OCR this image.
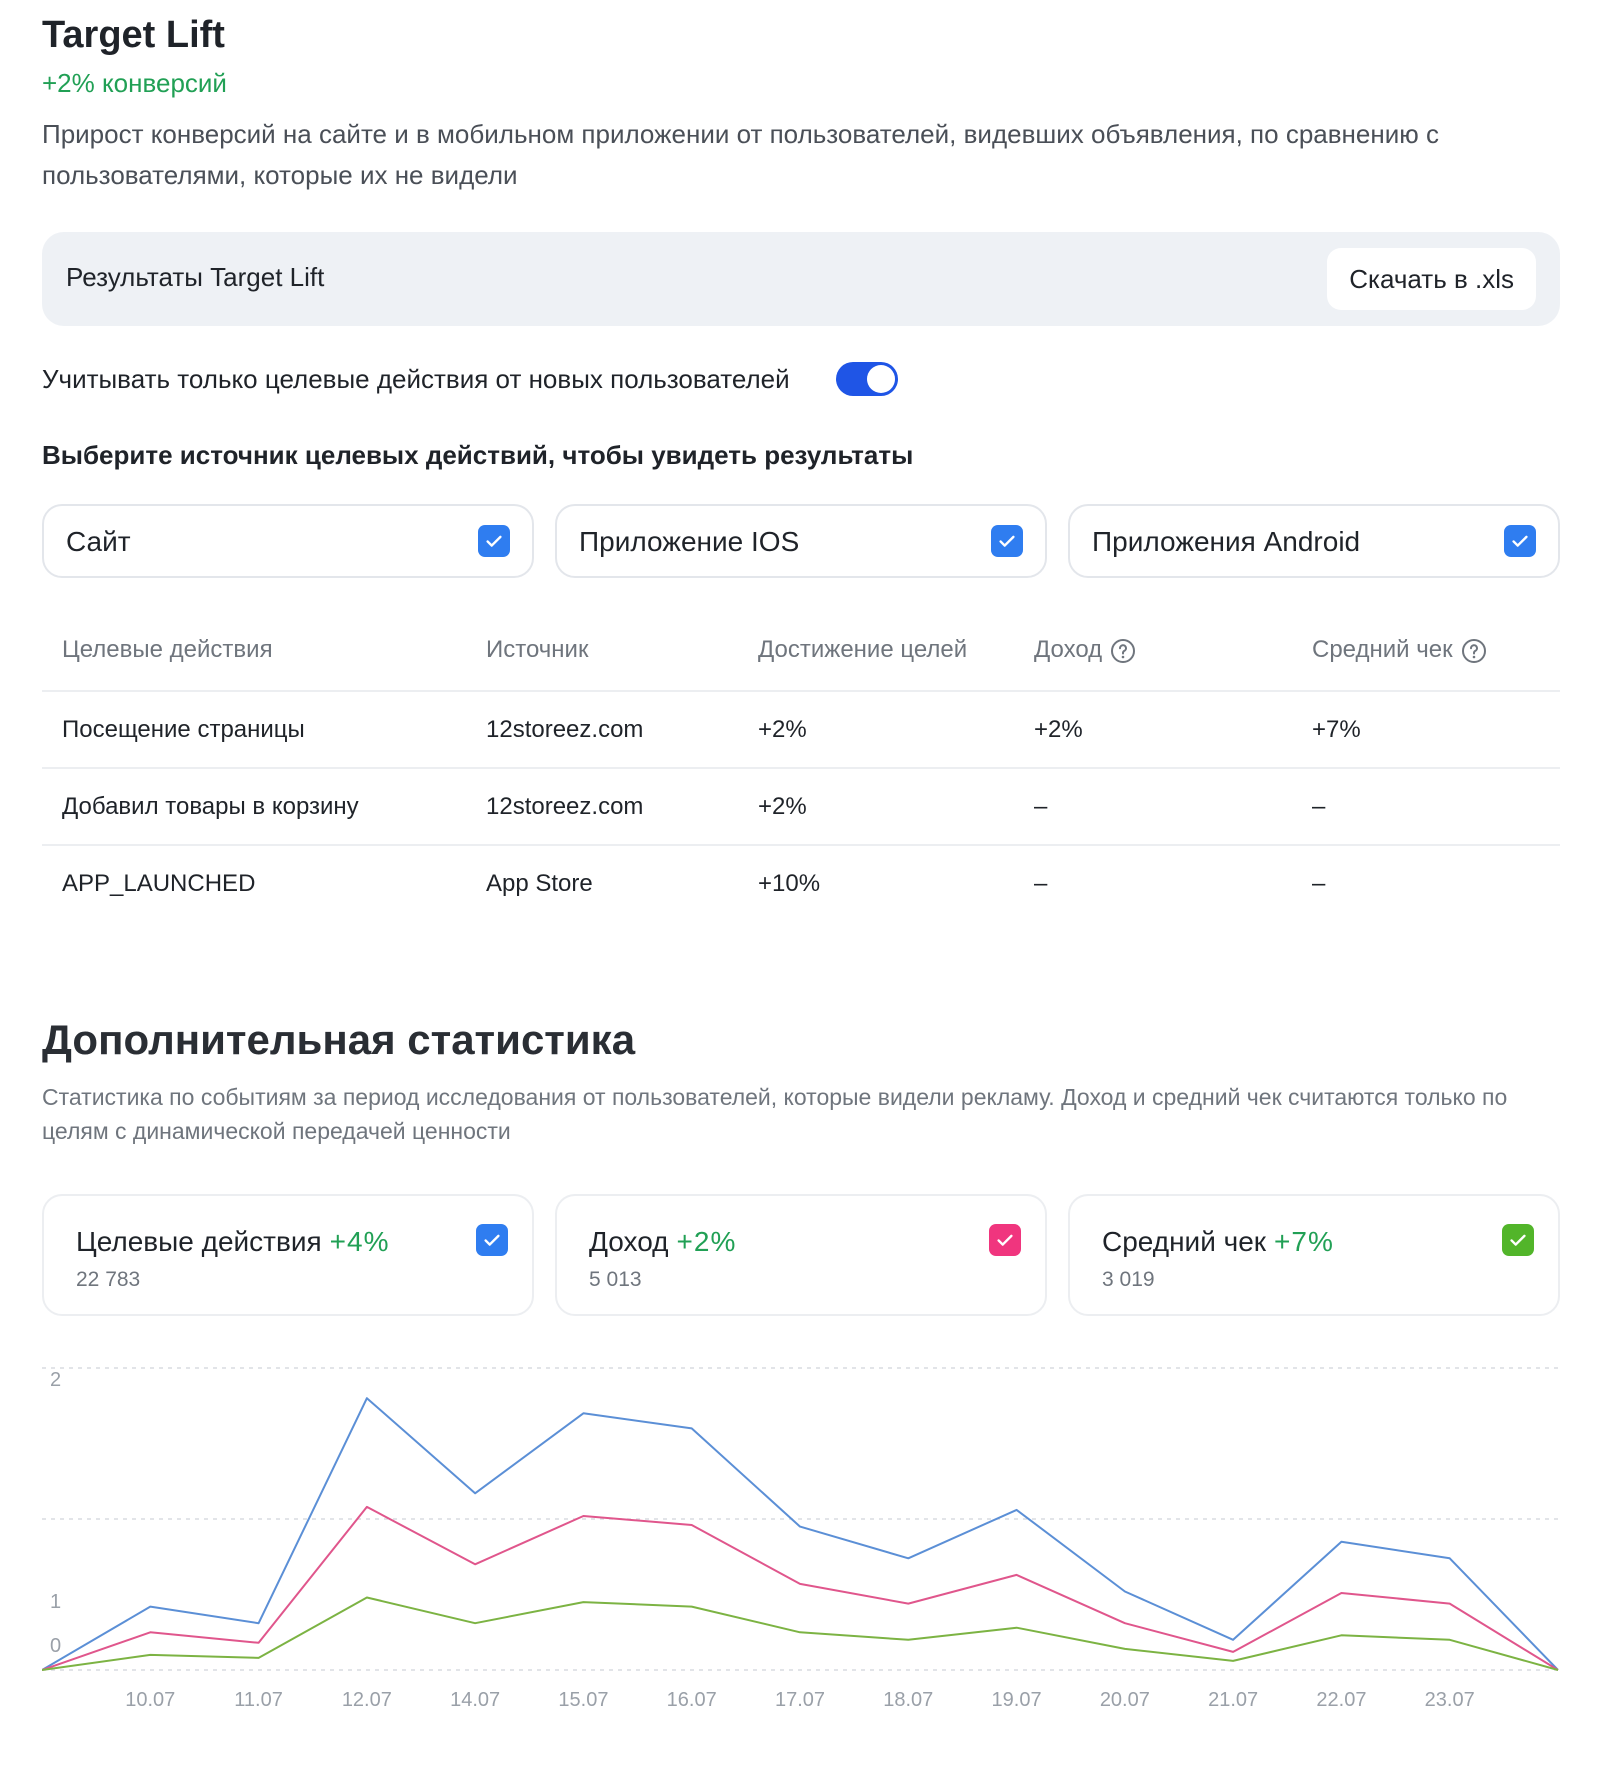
Target Lift
+2% конверсий
Прирост конверсий на сайте и в мобильном приложении от пользователей, видевших объявления, по сравнению с пользователями, которые их не видели
Результаты Target Lift	Скачать в .xls
Учитывать только целевые действия от новых пользователей
Выберите источник целевых действий, чтобы увидеть результаты
Сайт	Приложение IOS	Приложения Android
Целевые действия	Источник	Достижение целей	Доход	Средний чек
Посещение страницы	12storeez.com	+2%	+2%	+7%
Добавил товары в корзину	12storeez.com	+2%	–	–
APP_LAUNCHED	App Store	+10%	–	–
Дополнительная статистика
Статистика по событиям за период исследования от пользователей, которые видели рекламу. Доход и средний чек считаются только по целям с динамической передачей ценности
Целевые действия +4%
22 783
Доход +2%
5 013
Средний чек +7%
3 019
0
1
2
10.07	11.07	12.07	14.07	15.07	16.07	17.07	18.07	19.07	20.07	21.07	22.07	23.07
